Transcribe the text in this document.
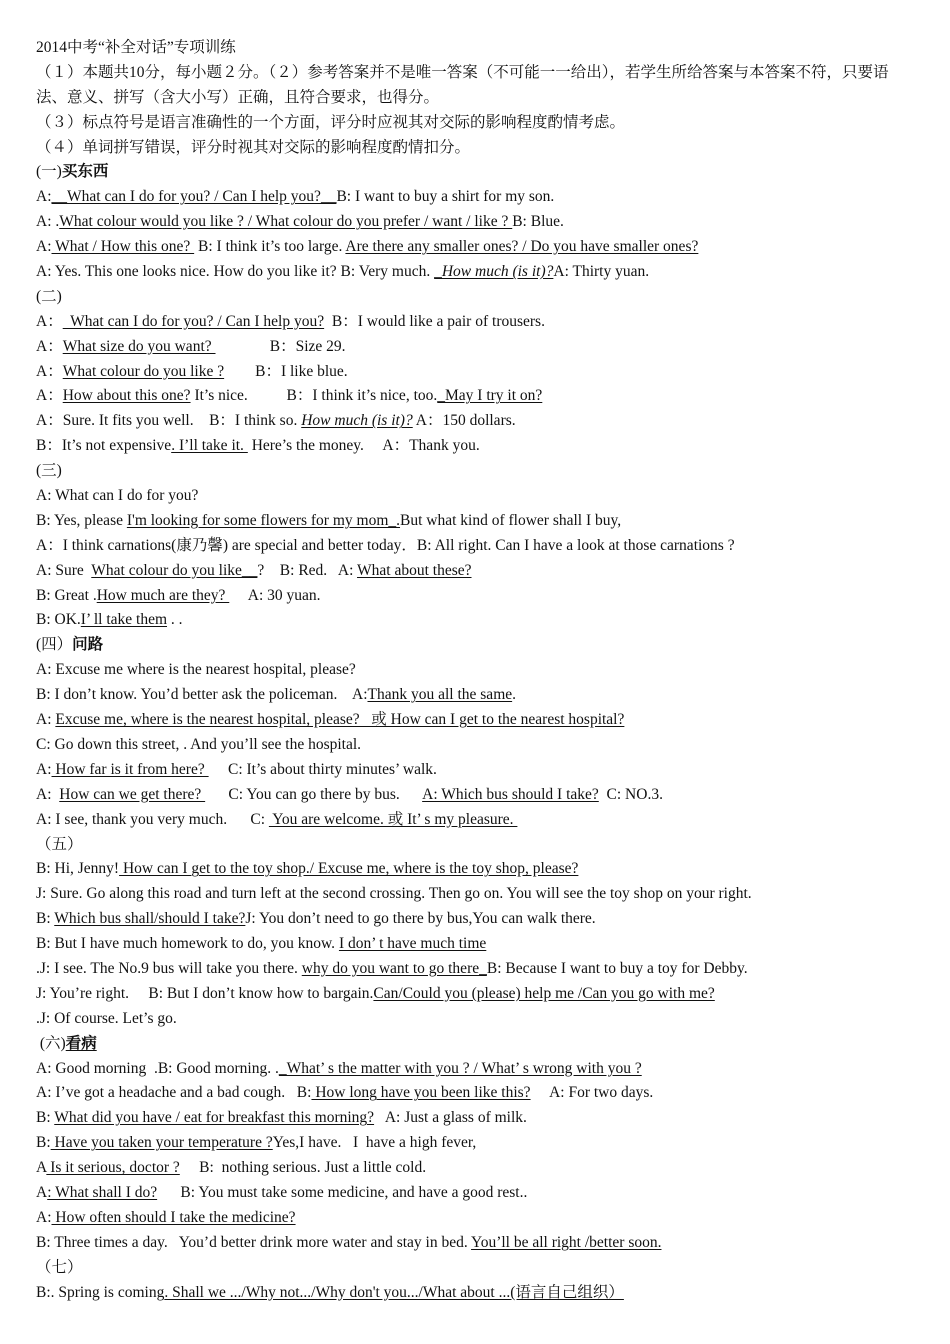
2014中考“补全对话”专项训练
（１）本题共10分，每小题２分。（２）参考答案并不是唯一答案（不可能一一给出），若学生所给答案与本答案不符，只要语
法、意义、拼写（含大小写）正确，且符合要求，也得分。
（３）标点符号是语言准确性的一个方面，评分时应视其对交际的影响程度酌情考虑。
（４）单词拼写错误，评分时视其对交际的影响程度酌情扣分。
(一)买东西
A:__What can I do for you? / Can I help you?__B: I want to buy a shirt for my son.
A: .What colour would you like ? / What colour do you prefer / want / like ? B: Blue.
A: What / How this one?  B: I think it’s too large. Are there any smaller ones? / Do you have smaller ones?
A: Yes. This one looks nice. How do you like it? B: Very much. _How much (is it)?A: Thirty yuan.
(二)
A：  What can I do for you? / Can I help you?  B：I would like a pair of trousers.
A：What size do you want?               B：Size 29.
A：What colour do you like ?        B：I like blue.
A：How about this one? It’s nice.          B：I think it’s nice, too._May I try it on?
A：Sure. It fits you well.    B：I think so. How much (is it)? A：150 dollars.
B：It’s not expensive. I’ll take it.  Here’s the money.     A：Thank you.
(三)
A: What can I do for you?
B: Yes, please I'm looking for some flowers for my mom_.But what kind of flower shall I buy,
A：I think carnations(康乃馨) are special and better today．B: All right. Can I have a look at those carnations ?
A: Sure  What colour do you like__?    B: Red.   A: What about these?
B: Great .How much are they?      A: 30 yuan.
B: OK.I’ ll take them . .
(四）问路
A: Excuse me where is the nearest hospital, please?
B: I don’t know. You’d better ask the policeman.    A:Thank you all the same.
A: Excuse me, where is the nearest hospital, please?   或 How can I get to the nearest hospital?
C: Go down this street, . And you’ll see the hospital.
A: How far is it from here?      C: It’s about thirty minutes’ walk.
A:  How can we get there?       C: You can go there by bus.      A: Which bus should I take?  C: NO.3.
A: I see, thank you very much.      C:  You are welcome. 或 It’ s my pleasure.
（五）
B: Hi, Jenny! How can I get to the toy shop./ Excuse me, where is the toy shop, please?
J: Sure. Go along this road and turn left at the second crossing. Then go on. You will see the toy shop on your right.
B: Which bus shall/should I take?J: You don’t need to go there by bus,You can walk there.
B: But I have much homework to do, you know. I don’ t have much time
.J: I see. The No.9 bus will take you there. why do you want to go there_B: Because I want to buy a toy for Debby.
J: You’re right.     B: But I don’t know how to bargain.Can/Could you (please) help me /Can you go with me?
.J: Of course. Let’s go.
(六)看病
A: Good morning  .B: Good morning. ._What’ s the matter with you ? / What’ s wrong with you ?
A: I’ve got a headache and a bad cough.   B: How long have you been like this?     A: For two days.
B: What did you have / eat for breakfast this morning?   A: Just a glass of milk.
B: Have you taken your temperature ?Yes,I have.   I  have a high fever,
A Is it serious, doctor ?     B:  nothing serious. Just a little cold.
A: What shall I do?      B: You must take some medicine, and have a good rest..
A: How often should I take the medicine?
B: Three times a day.   You’d better drink more water and stay in bed. You’ll be all right /better soon.
（七）
B:. Spring is coming. Shall we .../Why not.../Why don't you.../What about ...(语言自己组织）
